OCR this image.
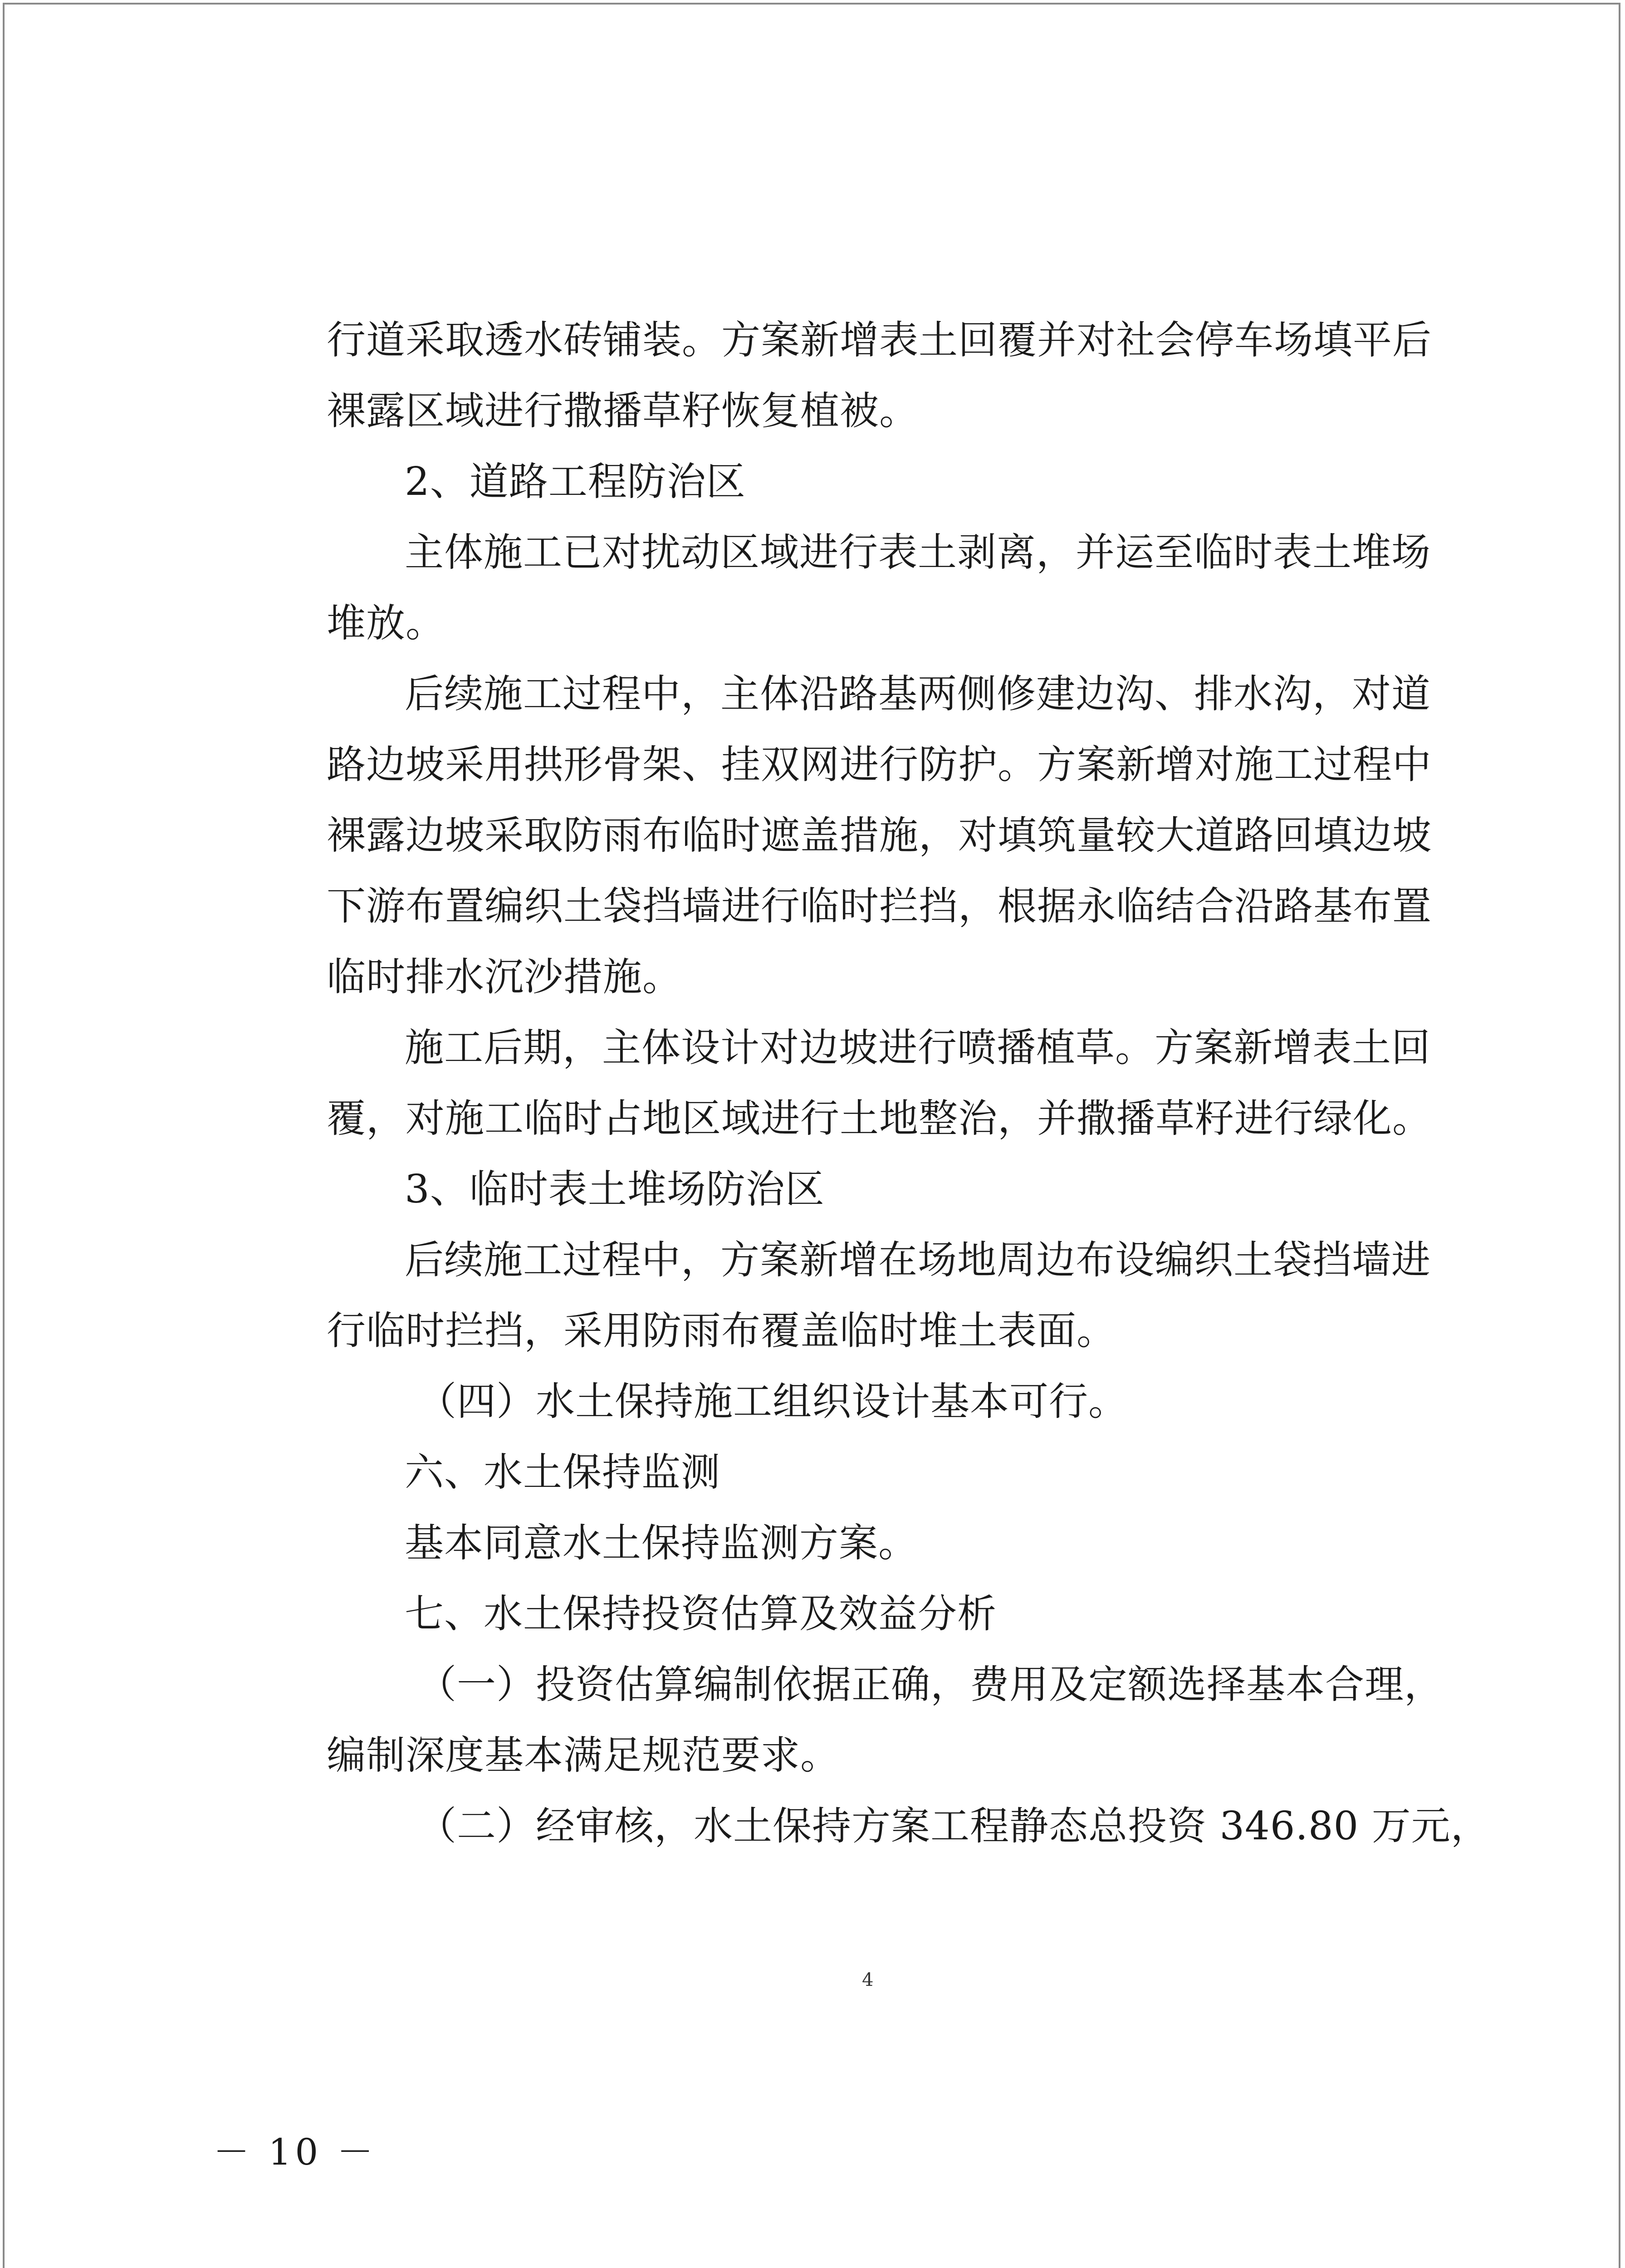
行道采取透水砖铺装。方案新增表土回覆并对社会停车场填平后
裸露区域进行撒播草籽恢复植被。
2、道路工程防治区
主体施工已对扰动区域进行表土剥离，并运至临时表土堆场
堆放。
后续施工过程中，主体沿路基两侧修建边沟、排水沟，对道
路边坡采用拱形骨架、挂双网进行防护。方案新增对施工过程中
裸露边坡采取防雨布临时遮盖措施，对填筑量较大道路回填边坡
下游布置编织土袋挡墙进行临时拦挡，根据永临结合沿路基布置
临时排水沉沙措施。
施工后期，主体设计对边坡进行喷播植草。方案新增表土回
覆，对施工临时占地区域进行土地整治，并撒播草籽进行绿化。
3、临时表土堆场防治区
后续施工过程中，方案新增在场地周边布设编织土袋挡墙进
行临时拦挡，采用防雨布覆盖临时堆土表面。
（四）水土保持施工组织设计基本可行。
六、水土保持监测
基本同意水土保持监测方案。
七、水土保持投资估算及效益分析
（一）投资估算编制依据正确，费用及定额选择基本合理，
编制深度基本满足规范要求。
（二）经审核，水土保持方案工程静态总投资 346.80 万元，
4
－ 10 －
